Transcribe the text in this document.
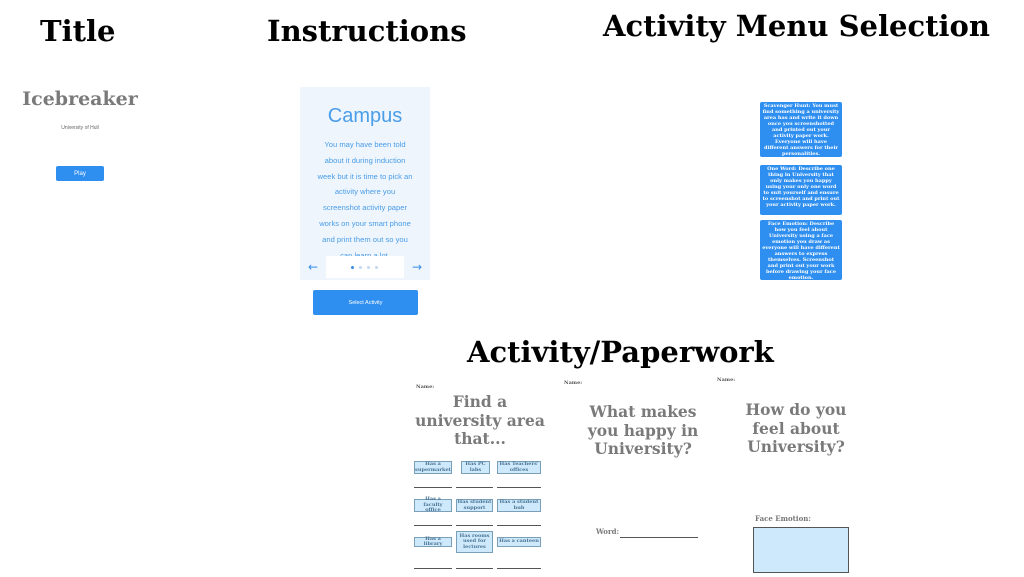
Title	Instructions	Activity Menu Selection
Activity/Paperwork
Icebreaker
University of Hull
Play
Campus
You may have been told
about it during induction
week but it is time to pick an
activity where you
screenshot activity paper
works on your smart phone
and print them out so you
←	→
Select Activity
Scavenger Hunt: You must find something a university area has and write it down once you screenshotted and printed out your activity paper work. Everyone will have different answers for their personalities.
One Word: Describe one thing in University that only makes you happy using your only one word to suit yourself and ensure to screenshot and print out your activity paper work.
Face Emotion: Describe how you feel about University using a face emotion you draw as everyone will have different answers to express themselves. Screenshot and print out your work before drawing your face emotion.
Name:
Find a university area that...
Has a supermarket
Has PC labs
Has Teachers' offices
Has a faculty office
Has student support
Has a student hub
Has a library
Has rooms used for lectures
Has a canteen
Name:
What makes you happy in University?
Word:
Name:
How do you feel about University?
Face Emotion:
